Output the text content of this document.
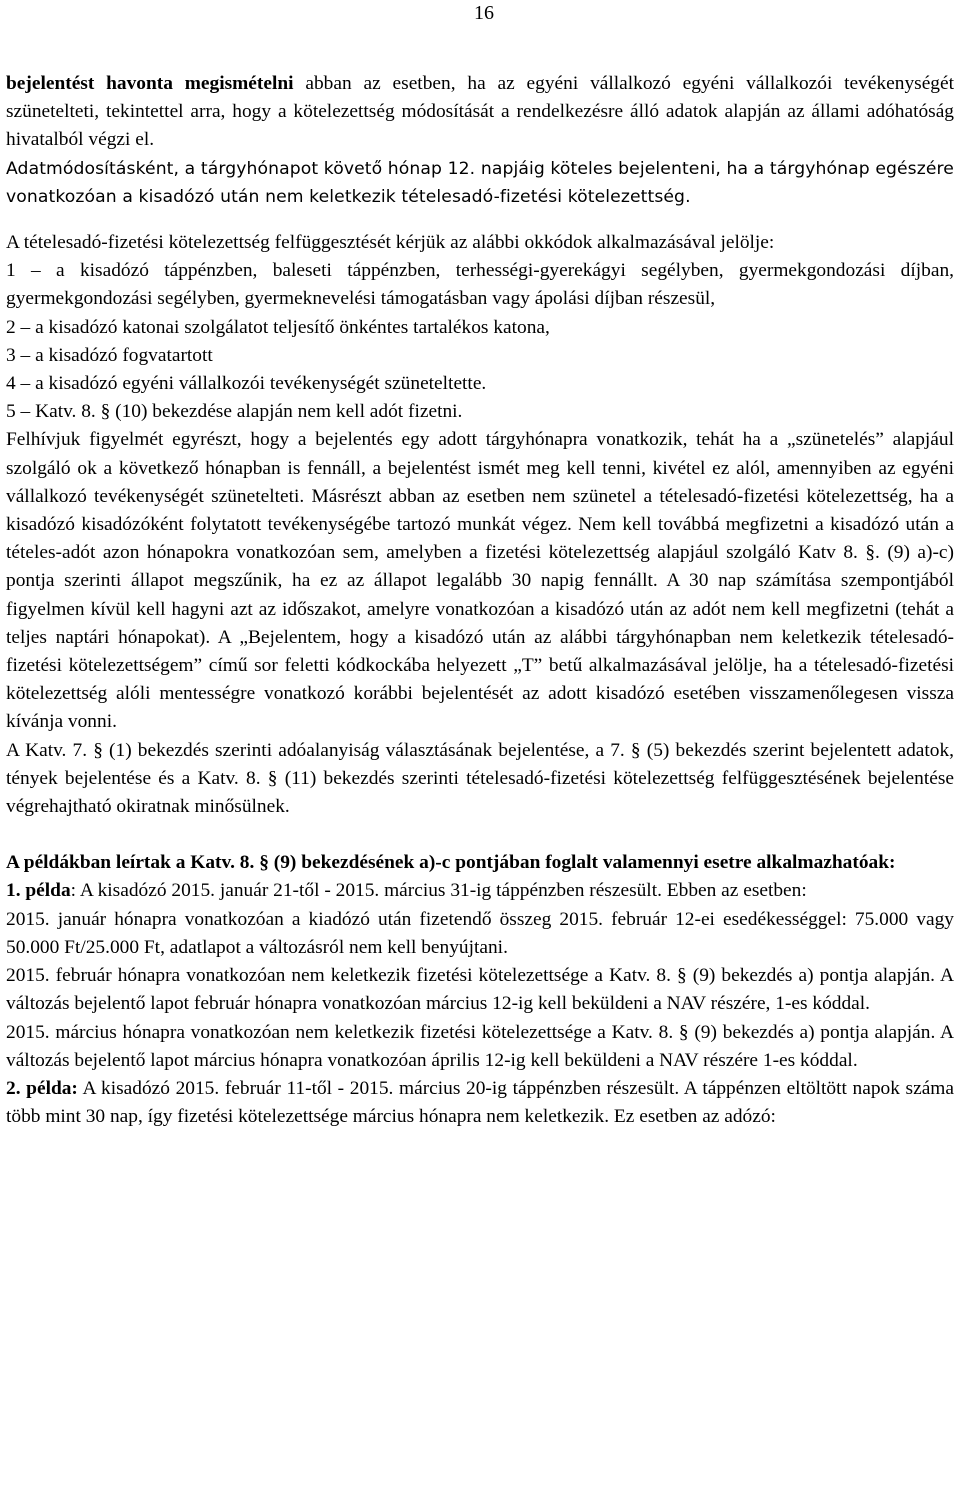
16

bejelentést havonta megismételni abban az esetben, ha az egyéni vállalkozó egyéni vállalkozói tevékenységét szünetelteti, tekintettel arra, hogy a kötelezettség módosítását a rendelkezésre álló adatok alapján az állami adóhatóság hivatalból végzi el.

Adatmódosításként, a tárgyhónapot követő hónap 12. napjáig köteles bejelenteni, ha a tárgyhónap egészére vonatkozóan a kisadózó után nem keletkezik tételesadó-fizetési kötelezettség.

A tételesadó-fizetési kötelezettség felfüggesztését kérjük az alábbi okkódok alkalmazásával jelölje:

1 – a kisadózó táppénzben, baleseti táppénzben, terhességi-gyerekágyi segélyben, gyermekgondozási díjban, gyermekgondozási segélyben, gyermeknevelési támogatásban vagy ápolási díjban részesül,

2 – a kisadózó katonai szolgálatot teljesítő önkéntes tartalékos katona,

3 – a kisadózó fogvatartott

4 – a kisadózó egyéni vállalkozói tevékenységét szüneteltette.

5 – Katv. 8. § (10) bekezdése alapján nem kell adót fizetni.

Felhívjuk figyelmét egyrészt, hogy a bejelentés egy adott tárgyhónapra vonatkozik, tehát ha a „szünetelés” alapjául szolgáló ok a következő hónapban is fennáll, a bejelentést ismét meg kell tenni, kivétel ez alól, amennyiben az egyéni vállalkozó tevékenységét szünetelteti. Másrészt abban az esetben nem szünetel a tételesadó-fizetési kötelezettség, ha a kisadózó kisadózóként folytatott tevékenységébe tartozó munkát végez. Nem kell továbbá megfizetni a kisadózó után a tételes-adót azon hónapokra vonatkozóan sem, amelyben a fizetési kötelezettség alapjául szolgáló Katv 8. §. (9) a)-c) pontja szerinti állapot megszűnik, ha ez az állapot legalább 30 napig fennállt. A 30 nap számítása szempontjából figyelmen kívül kell hagyni azt az időszakot, amelyre vonatkozóan a kisadózó után az adót nem kell megfizetni (tehát a teljes naptári hónapokat). A „Bejelentem, hogy a kisadózó után az alábbi tárgyhónapban nem keletkezik tételesadó-fizetési kötelezettségem” című sor feletti kódkockába helyezett „T” betű alkalmazásával jelölje, ha a tételesadó-fizetési kötelezettség alóli mentességre vonatkozó korábbi bejelentését az adott kisadózó esetében visszamenőlegesen vissza kívánja vonni.

A Katv. 7. § (1) bekezdés szerinti adóalanyiság választásának bejelentése, a 7. § (5) bekezdés szerint bejelentett adatok, tények bejelentése és a Katv. 8. § (11) bekezdés szerinti tételesadó-fizetési kötelezettség felfüggesztésének bejelentése végrehajtható okiratnak minősülnek.

A példákban leírtak a Katv. 8. § (9) bekezdésének a)-c pontjában foglalt valamennyi esetre alkalmazhatóak:

1. példa: A kisadózó 2015. január 21-től - 2015. március 31-ig táppénzben részesült. Ebben az esetben:

2015. január hónapra vonatkozóan a kiadózó után fizetendő összeg 2015. február 12-ei esedékességgel: 75.000 vagy 50.000 Ft/25.000 Ft, adatlapot a változásról nem kell benyújtani.

2015. február hónapra vonatkozóan nem keletkezik fizetési kötelezettsége a Katv. 8. § (9) bekezdés a) pontja alapján. A változás bejelentő lapot február hónapra vonatkozóan március 12-ig kell beküldeni a NAV részére, 1-es kóddal.

2015. március hónapra vonatkozóan nem keletkezik fizetési kötelezettsége a Katv. 8. § (9) bekezdés a) pontja alapján. A változás bejelentő lapot március hónapra vonatkozóan április 12-ig kell beküldeni a NAV részére 1-es kóddal.

2. példa: A kisadózó 2015. február 11-től - 2015. március 20-ig táppénzben részesült. A táppénzen eltöltött napok száma több mint 30 nap, így fizetési kötelezettsége március hónapra nem keletkezik. Ez esetben az adózó:
